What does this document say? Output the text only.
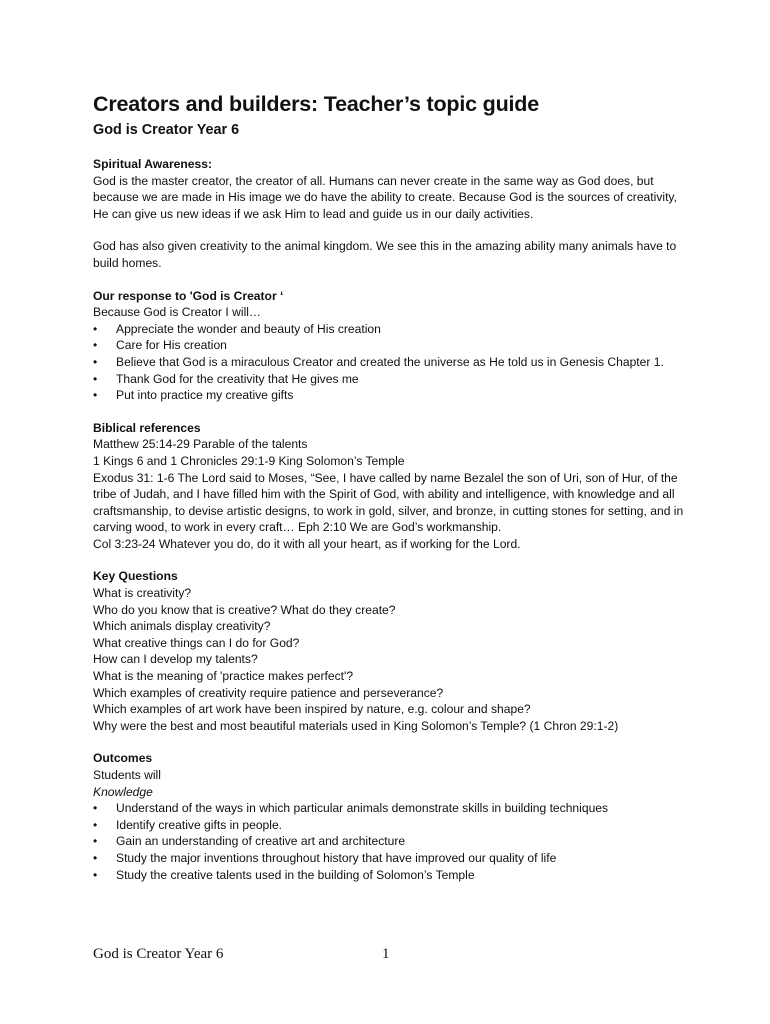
Creators and builders: Teacher’s topic guide
God is Creator Year 6
Spiritual Awareness:

God is the master creator, the creator of all. Humans can never create in the same way as God does, but because we are made in His image we do have the ability to create. Because God is the sources of creativity, He can give us new ideas if we ask Him to lead and guide us in our daily activities.

God has also given creativity to the animal kingdom. We see this in the amazing ability many animals have to build homes.

Our response to 'God is Creator ‘

Because God is Creator I will…

• Appreciate the wonder and beauty of His creation
• Care for His creation
• Believe that God is a miraculous Creator and created the universe as He told us in Genesis Chapter 1.
• Thank God for the creativity that He gives me
• Put into practice my creative gifts
Biblical references

Matthew 25:14-29 Parable of the talents

1 Kings 6 and 1 Chronicles 29:1-9 King Solomon’s Temple

Exodus 31: 1-6 The Lord said to Moses, “See, I have called by name Bezalel the son of Uri, son of Hur, of the tribe of Judah, and I have filled him with the Spirit of God, with ability and intelligence, with knowledge and all craftsmanship, to devise artistic designs, to work in gold, silver, and bronze, in cutting stones for setting, and in carving wood, to work in every craft… Eph 2:10 We are God’s workmanship.

Col 3:23-24 Whatever you do, do it with all your heart, as if working for the Lord.

Key Questions

What is creativity?

Who do you know that is creative? What do they create?

Which animals display creativity?

What creative things can I do for God?

How can I develop my talents?

What is the meaning of 'practice makes perfect'?

Which examples of creativity require patience and perseverance?

Which examples of art work have been inspired by nature, e.g. colour and shape?

Why were the best and most beautiful materials used in King Solomon’s Temple? (1 Chron 29:1-2)

Outcomes

Students will

Knowledge

• Understand of the ways in which particular animals demonstrate skills in building techniques
• Identify creative gifts in people.
• Gain an understanding of creative art and architecture
• Study the major inventions throughout history that have improved our quality of life
• Study the creative talents used in the building of Solomon’s Temple
God is Creator Year 6	1
